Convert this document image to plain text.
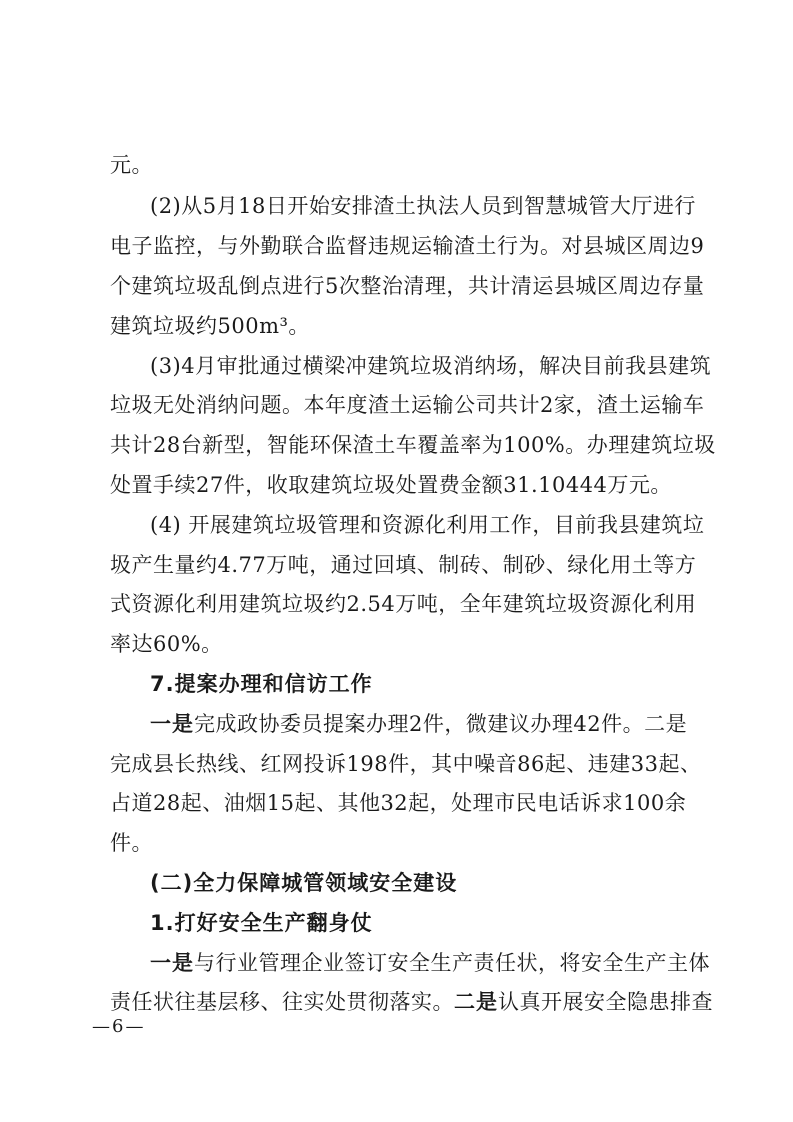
元。
(2)从5月18日开始安排渣土执法人员到智慧城管大厅进行
电子监控，与外勤联合监督违规运输渣土行为。对县城区周边9
个建筑垃圾乱倒点进行5次整治清理，共计清运县城区周边存量
建筑垃圾约500m³。
(3)4月审批通过横梁冲建筑垃圾消纳场，解决目前我县建筑
垃圾无处消纳问题。本年度渣土运输公司共计2家，渣土运输车
共计28台新型，智能环保渣土车覆盖率为100%。办理建筑垃圾
处置手续27件，收取建筑垃圾处置费金额31.10444万元。
(4) 开展建筑垃圾管理和资源化利用工作，目前我县建筑垃
圾产生量约4.77万吨，通过回填、制砖、制砂、绿化用土等方
式资源化利用建筑垃圾约2.54万吨，全年建筑垃圾资源化利用
率达60%。
7.提案办理和信访工作
一是完成政协委员提案办理2件，微建议办理42件。二是
完成县长热线、红网投诉198件，其中噪音86起、违建33起、
占道28起、油烟15起、其他32起，处理市民电话诉求100余
件。
(二)全力保障城管领域安全建设
1.打好安全生产翻身仗
一是与行业管理企业签订安全生产责任状，将安全生产主体
责任状往基层移、往实处贯彻落实。二是认真开展安全隐患排查
—6—
